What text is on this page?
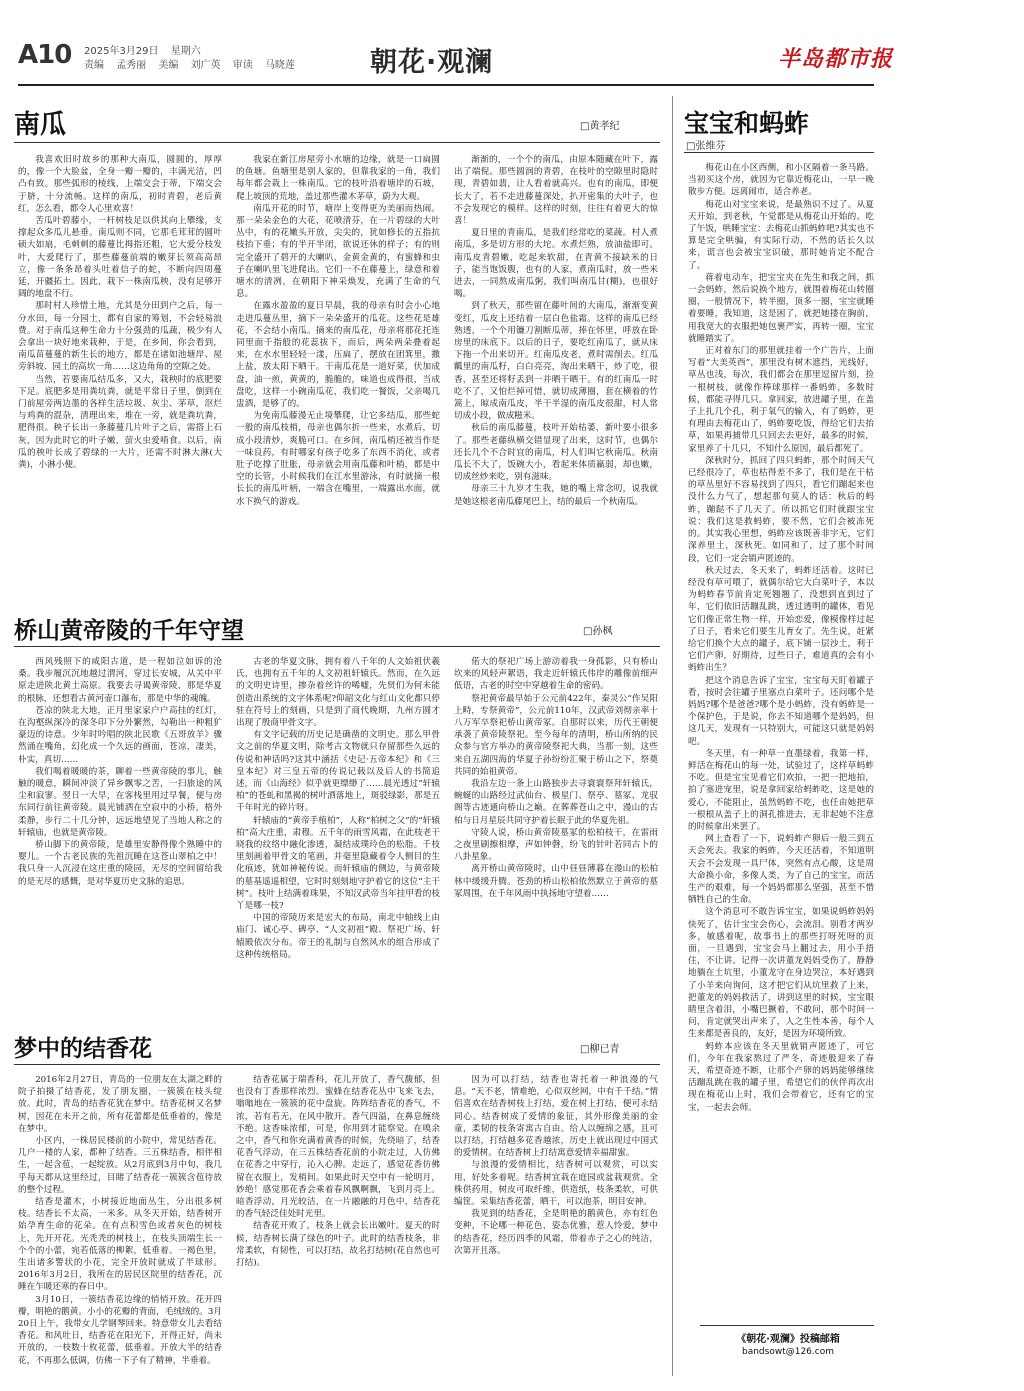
A10 2025年3月29日 星期六
责编 孟秀丽 美编 刘广英 审读 马晓莲	朝花·观澜	半岛都市报
南瓜	□黄孝纪

我喜欢旧时故乡的那种大南瓜，圆圆的，厚厚的，像一个大脸盆，全身一瓣一瓣的，丰满光洁，凹凸有致。那些弧形的棱线，上端交会于蒂，下端交会于脐，十分流畅。这样的南瓜，初时青碧，老后黄红，怎么看，都令人心里欢喜！

苦瓜叶碧藤小，一杆树枝足以供其向上攀缘，支撑起众多瓜儿悬垂。南瓜则不同，它那毛茸茸的圆叶硕大如扇，毛刺刺的藤蔓比拇指还粗，它大爱分枝发叶，大爱爬行了，那些藤蔓前端的嫩芽长须高高昂立，像一条条昂着头吐着信子的蛇，不断向四周蔓延，开疆拓土。因此，栽下一株南瓜秧，没有足够开阔的地盘不行。

那时村人珍惜土地，尤其是分田到户之后，每一分水田，每一分园土，都有自家的筹划，不会轻易浪费。对于南瓜这种生命力十分强劲的瓜蔬，极少有人会拿出一块好地来栽种，于是，在乡间，你会看到，南瓜苗蔓蔓的新生长的地方，都是在诸如池塘岸、屋旁斜坡、园土的高坎一角……这边角角的空隙之处。

当然，若要南瓜结瓜多，又大，栽秧时的底肥要下足。底肥多是用粪坑粪，就是平常日子里，倒到在门前屋旁两边墨的各样生活垃圾、灰尘、茅草，沤烂与鸡粪的混杂，清理出来，堆在一旁，就是粪坑粪，肥得很。秧子长出一条藤蔓几片叶子之后，需搭上石灰，因为此时它的叶子嫩，萤火虫爱啃食。以后，南瓜的秧叶长成了碧绿的一大片，还需不时淋大淋(大粪)，小淋小便。

我家在新江房屋旁小水塘的边缘，就是一口扁圆的鱼塘。鱼塘里是别人家的，但靠我家的一角，我们每年都会栽上一株南瓜。它的枝叶沿着塘岸的石坡，爬上坡顶的荒地，盖过那些灌木茅草，蔚为大观。

南瓜开花的时节，塘岸上变得更为美丽而热闹。那一朵朵金色的大花，花喷清芬，在一片碧绿的大叶丛中，有的花嫩头开放，尖尖的，犹如修长的五指抗枝抬下垂；有的半开半闭，欲说还休的样子；有的则完全盛开了碧开的大喇叭，金黄金黄的，有蜜蜂和虫子在喇叭里飞进爬出。它们一不在藤蔓上，绿意和着塘水的清冽，在朝阳下神采焕发，充满了生命的气息。

在露水盈盈的夏日早晨，我的母亲有时会小心地走进瓜蔓丛里，摘下一朵朵盛开的瓜花。这些花是雄花，不会结小南瓜。摘来的南瓜花，母亲将那花托连同里面千指般的花蕊拔下，而后，两朵两朵叠着起来，在水水里轻轻一漾，压扁了，摆放在团箕里，撒上盐，放太阳下晒干。干南瓜花是一道好菜，伏加成盘，油一煎，黄黄的，脆脆的，味道也成得很，当成盘吃，这样一小碗南瓜花，我们吃一餐饭，父亲喝几盅酒，是够了的。

为免南瓜藤漫无止境攀爬，让它多结瓜，那些蛇一般的南瓜枝梢，母亲也偶尔折一些来，水煮后，切成小段清炒，爽脆可口。在乡间，南瓜梢还被当作是一味良药，有时哪家有孩子吃多了东西不消化，或者肚子吃撑了肚胀，母亲就会用南瓜藤和叶梢，都是中空的长管，小时候我们在江水里游泳，有时就摘一根长长的南瓜叶柄，一端含在嘴里，一端露出水面，就水下换气的游戏。

渐渐的，一个个的南瓜，由原本随藏在叶下，露出了端倪。那些圆润的青碧，在枝叶的空隙里时隐时现，青碧如翡，让人看着就高兴。也有的南瓜，即便长大了，若不走进藤蔓深处，扒开密集的大叶子，也不会发现它的模样。这样的时刻，往往有着更大的惊喜！

夏日里的青南瓜，是我们经常吃的菜蔬。村人煮南瓜，多是切方形的大坨。水煮烂熟，放油盐即可。南瓜皮青碧嫩，吃起来软甜，在青黄不接缺米的日子，能当饱饭腹，也有的人家，煮南瓜时，放一些米进去，一同熬成南瓜粥，我们叫南瓜甘(糊)，也很好喝。

到了秋天，那些留在藤叶间的大南瓜，渐渐变黄变红，瓜皮上还结着一层白色盐霜。这样的南瓜已经熟透，一个个用镰刀割断瓜蒂，捧在怀里，呼放在卧房里的床底下。以后的日子，要吃红南瓜了，就从床下拖一个出来切开。红南瓜皮老，煮时需削去。红瓜瓤里的南瓜籽，白白亮亮，淘出来晒干，炒了吃，很香，甚至还将籽丢到一并晒干晒干。有的红南瓜一时吃不了，又怕烂掉可惜，就切成薄圈，套在横着的竹篙上，晾成南瓜皮，半干半湿的南瓜皮很甜，村人常切成小段，做成糍米。

秋后的南瓜藤蔓，枝叶开始枯萎，新叶要小很多了。那些老藤纵横交错显现了出来，这时节，也偶尔还长几个不合时宜的南瓜，村人们叫它秋南瓜。秋南瓜长不大了，饭碗大小，看起来体质羸弱，却也嫩，切成丝炒来吃，别有滋味。

母亲三十九岁才生我，她的嘴上常念叨，说我就是她这根老南瓜藤尾巴上，结的最后一个秋南瓜。

桥山黄帝陵的千年守望	□孙枫

西风残照下的咸阳古道，是一程如泣如诉的沧桑。我步履沉沉地越过渭河，穿过长安城，从关中平原走进陕北黄土高原。我要去寻谒黄帝陵，那是华夏的根脉，还想看古黄河壶口瀑布，那是中华的魂魄。

苍凉的陕北大地，正月里家家户户高挂的红灯，在沟壑纵深冷的深冬印下分外繁然，勾勒出一种粗犷豪迈的诗意。少年时吟唱的陕北民歌《五哥放羊》骤然涌在嘴角，幻化成一个久远的画面，苍凉，凄美，朴实，真切……

我们喝着暖暖的茶，聊着一些黄帝陵的事儿，触触的暖意，瞬间冲淡了异乡飘零之苦，一扫旅途的风尘和寂寥。翌日一大早，在客栈里用过早餐，便与房东同行前往黄帝陵。晨光铺洒在空寂中的小桥，格外柔静，步行二十几分钟，远远地望见了当地人称之的轩辕庙，也就是黄帝陵。

桥山脚下的黄帝陵，是雄里安静得像个熟睡中的婴儿。一个古老民族的先祖沉睡在这苍山翠柏之中！我只身一人沉浸在这庄重的陵园，无尽的空间留给我的是无尽的感慨，是对华夏历史文脉的追思。

古老的华夏文脉，拥有着八千年的人文始祖伏羲氏，也拥有五千年的人文初祖轩辕氏。然而，在久远的文明史诗里，掺杂着丝许的唏嘘，先贤们为何未能创造出系统的文字体系呢?仰韶文化与红山文化都只停驻在符号上的刻画，只是到了商代晚期，九州方圆才出现了殷商甲骨文字。

有文字记载的历史记是确凿的文明史。那么甲骨文之前的华夏文明，除考古文物就只存留那些久远的传说和神话吗?这其中涵括《史记·五帝本纪》和《三皇本纪》对三皇五帝的传说记载以及后人的书简追述，而《山海经》似乎就更缥缈了……晨光透过“轩辕柏”的苍虬和黑褐的树叶洒落地上，斑驳绿影，那是五千年时光的碎片呀。

轩辕庙的“黄帝手植柏”，人称“柏树之父”的“轩辕柏”高大庄重，肃穆。五千年的雨雪风霜，在此枝老干晓我的纹络中融化渗透，凝结成璞玲色的松脂。千枝里刻画着甲骨文的笔画，并毫里隐藏着令人侧目的生化痕迹，犹如神秘传说。而轩辕庙的侧边，与黄帝陵的墓基遥遥相望，它时时刻刻地守护着它的这位“主干树”。枝叶上结满着珠果，不知汉武帝当年挂甲看的枝丫是哪一枝?

中国的帝陵历来是宏大的布局，南北中轴线上由庙门、诚心亭、碑亭、“人文初祖”殿、祭祀广场、轩辕殿依次分布。帝王的礼制与自然风水的组合形成了这种传统格局。

偌大的祭祀广场上游动着我一身孤影，只有桥山坎来的风轻声絮语，我走近轩辕氏伟岸的雕像前细声低语，古老的时空中穿越着生命的密码。

祭祀黄帝最早始于公元前422年，秦灵公“作吴阳上畤，专祭黄帝”，公元前110年，汉武帝刘彻亲率十八万军卒祭祀桥山黄帝冢。自那时以来，历代王朝便承袭了黄帝陵祭祀。至今每年的清明，桥山所纳的民众参与官方举办的黄帝陵祭祀大典，当那一刻，这些来自五湖四海的华夏子孙纷纷汇聚于桥山之下，祭奠共同的始祖黄帝。

我沿左边一条上山路独步去寻寰寰祭拜轩辕氏，蜿蜒的山路经过武仙台、极星门、祭亭、墓冢、龙驭阁等古迹通向桥山之巅。在葬葬苍山之中，漫山的古柏与日月星辰共同守护着长眠于此的华夏先祖。

守陵人说，桥山黄帝陵墓冢的松柏枝干，在雷雨之夜里刷擦相摩，声如钟磬，纷飞的针叶若同古卜的八卦星象。

离开桥山黄帝陵时，山中昼昼薄暮在漫山的松柏林中缓缓升腾。苍劲的桥山松柏依然默立于黄帝的墓冢周围，在千年风雨中执扬地守望着……

梦中的结香花	□柳已青

2016年2月27日，青岛的一位朋友在太湖之畔的院子拍摄了结香花，发了朋友圈，一簇簇在枝头绽放。此时，青岛的结香花犹在梦中。结香花树又名梦树，因花在未开之前，所有花蕾都是低垂着的，像是在梦中。

小区内，一株居民楼前的小院中，常见结香花。几户一楼的人家，都种了结香。三五株结香，相伴相生，一起含苞，一起绽放。从2月底到3月中旬，我几乎每天都从这里经过，目睹了结香花一簇簇含苞待放的整个过程。

结香是灌木，小树接近地面丛生，分出很多树枝。结香长不太高，一米多。从冬天开始，结香树开始孕育生命的花朵。在有点积雪色或者灰色的树枝上，先开开花。光秃秃的树枝上，在枝头顶端生长一个个的小蕾，宛若低落的柳絮，低垂着。一褐色里，生出诸多警状的小花，完全开放时就成了半球形。2016年3月2日，我所在的居民区院里的结香花，沉睡在乍暖还寒的春日中。

3月10日，一簇结香花边缘的悄悄开放。花开四瓣，明艳的鹅黄。小小的花瓣的背面，毛绒绒的。3月20日上午，我带女儿学钢琴回来。特意带女儿去看结香花。和风吐日，结香花在阳光下，开得正好，尚未开放的，一枝数十枚花蕾，低垂着。开放大半的结香花，不再那么低调，仿佛一下子有了精神，半垂着。

结香花属于瑞香科，花儿开放了，香气馥郁，但也没有丁香那样浓烈。蜜蜂在结香花丛中飞来飞去，嗡嗡地在一簇簇的花中盘旋。阵阵结香花的香气，不浓，若有若无，在风中散开。香气四溢，在鼻息缠绕不绝。这香味浓郁，可是，你用到才能察觉。在嗅余之中，香气和你充满着黄香的时候，先绕暗了，结香花香气浮动，在三五株结香花前的小院走过，人仿佛在花香之中穿行，沁入心脾。走远了，感觉花香仿佛留在衣服上，发梢间。如果此时天空中有一轮明月，妙绝！感觉那花香会乘着春风飘啊飘，飞到月亮上。暗香浮动，月光皎洁，在一片融融的月色中，结香花的香气轻泛佳处时光里。

结香花开败了，枝条上就会长出嫩叶。夏天的时候，结香树长满了绿色的叶子。此时的结香枝条，非常柔软，有韧性，可以打结，故名打结树(花自然也可打结)。

因为可以打结，结香也寄托着一种浪漫的气息。“天不老，情难绝，心似双丝网，中有千千结。”情侣喜欢在结香树枝上打结，爱在树上打结，便可永结同心。结香树成了爱情的象征，其外形像美丽的金童，柔韧的枝条寄寓古自由。给人以缠绵之感，且可以打结，打结越多花香越浓，历史上就出现过中国式的爱情树。在结香树上打结寓意爱情幸福甜蜜。

与浪漫的爱情相比，结香树可以观赏，可以实用，好处多着呢。结香树宜栽在庭园或盆栽观赏。全株供药用，树皮可取纤维，供造纸，枝条柔软，可供编筐。采集结香花蕾，晒干，可以泡茶，明目安神。

我见到的结香花，全是明艳的鹅黄色，亦有红色变种，不论哪一种花色，姿态优雅，惹人怜爱，梦中的结香花，经历四季的风霜，带着赤子之心的纯洁，次第开且落。

宝宝和蚂蚱
□张维芬

梅花山在小区西侧，和小区隔着一条马路。当初买这个房，就因为它靠近梅花山，一早一晚散步方便。远离闹市，适合养老。

梅花山对宝宝来说，是最熟识不过了。从夏天开始，到老秋，午觉都是从梅花山开始的。吃了午饭，哄睡宝宝：去梅花山抓蚂蚱吧?其实也不算是完全哄骗，有实际行动，不然的话长久以来，谎言也会被宝宝识破，那时她肯定不配合了。

蒋着电动车，把宝宝夹在先生和我之间，抓一会蚂蚱，然后说换个地方，就围着梅花山转圈圈，一般情况下，转半圈，顶多一圈，宝宝就睡着要睡，我知道，这是困了，就把她搂在胸前，用我宽大的衣服把她包裹严实，再转一圈，宝宝就睡踏实了。

正对着东门的那里就挂着一个广告片，上面写着“大美英西”，那里没有树木遮挡，光线好，草丛也浅，每次，我们都会在那里逗留片刻，捡一根树枝，就像作棒球那样一番蚂蚱，多数时候，都能寻得几只。拿回家，放进罐子里，在盖子上扎几个孔，利于氧气的输入，有了蚂蚱，更有理由去梅花山了，蚂蚱要吃饭，得给它们去抬草，如果再捕带几只回去去更好，最多的时候，家里养了十几只，不知什么原因，最后都死了。

深秋时分，抓回了四只蚂蚱，那个时间天气已经很冷了，草也枯得差不多了，我们是在干枯的草丛里好不容易找到了四只，看它们蹦起来也没什么力气了，想起那句莫人的话：秋后的蚂蚱，蹦跶不了几天了。所以抓它们时就跟宝宝说：我们这是救蚂蚱，要不然，它们会被冻死的。其实我心里想，蚂蚱应该既善非宇无，它们深养里土，深秋死。如同和了，过了那个时间段，它们一定会销声匿迹的。

秋天过去，冬天来了，蚂蚱还活着。这时已经没有草可喂了，就偶尔给它大白菜叶子，本以为蚂蚱春节前肯定死翘翘了，没想到直到过了年，它们依旧活蹦乱跳，透过透明的罐体，看见它们像正常生物一样，开始恋爱，像模像样过起了日子，看来它们要生儿育女了。先生说，赶紧给它们换个大点的罐子，底下铺一层沙土，利于它们产卵，好期待，过些日子，难道真的会有小蚂蚱出生？

把这个消息告诉了宝宝，宝宝每天盯着罐子看，按时会往罐子里塞点白菜叶子。还问哪个是妈妈?哪个是爸爸?哪个是小蚂蚱，没有蚂蚱是一个保护色，于是说，你去不知道哪个是妈妈，但这几天，发现有一只特别大，可能这只就是妈妈吧。

冬天里，有一种草一直墨绿着，我第一样，鲜活在梅花山的每一处，试验过了，这样草蚂蚱不吃。但是宝宝见着它们欢拍，一把一把地拍，拍了塞进宠里，说是拿回家给蚂蚱吃，这是她的爱心，不能阻止，虽然蚂蚱不吃，也任由她把草一根根从盖子上的洞孔推进去，无非起她不注意的时候拿出来罢了。

网上查看了一下，说蚂蚱产卵后一般三到五天会死去。我家的蚂蚱，今天还活着，不知道明天会不会发现一具尸体，突然有点心酸，这是周大命换小命，多像人类，为了自己的宝宝，而活生产的艰难，每一个妈妈都那么坚强，甚至不惜牺牲自己的生命。

这个消息可不敢告诉宝宝，如果说蚂蚱妈妈快死了，估计宝宝会伤心，会流泪。别看才两岁多，敏感着呢，故事书上的那些打呀死呀的页面，一旦遇到，宝宝会马上翻过去，用小手捂住，不让讲。记得一次讲董龙妈妈受伤了，静静地躺在土坑里，小董龙守在身边哭泣，本好遇到了小羊来向询问，这才把它们从坑里救了上来，把董龙的妈妈救活了，讲到这里的时候，宝宝眼睛里含着泪，小嘴巴撅着，不敢问，那个时间一问，肯定就哭出声来了，人之生性本善，每个人生来都是善良的，友好，是因为环境所致。

蚂蚱本应该在冬天里就销声匿迹了，可它们，今年在我家熬过了严冬，奇迹般迎来了春天，希望奇迹不断，让那个产卵的妈妈能够继续活蹦乱跳在我的罐子里，希望它们的伙伴再次出现在梅花山上时，我们会带着它，还有它的宝宝，一起去会师。

《朝花·观澜》投稿邮箱
bandsowt@126.com
